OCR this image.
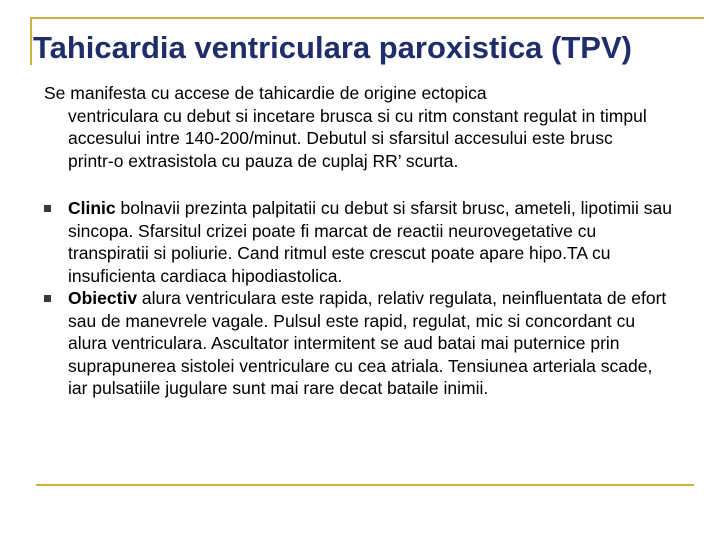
Tahicardia ventriculara paroxistica (TPV)
Se manifesta cu accese de tahicardie de origine ectopica
ventriculara cu debut si incetare brusca si cu ritm constant regulat in timpul accesului intre 140-200/minut. Debutul si sfarsitul accesului este brusc printr-o extrasistola cu pauza de cuplaj RR’ scurta.
Clinic bolnavii prezinta palpitatii cu debut si sfarsit brusc, ameteli, lipotimii sau sincopa. Sfarsitul crizei poate fi marcat de reactii neurovegetative cu transpiratii si poliurie. Cand ritmul este crescut poate apare hipo.TA cu insuficienta cardiaca hipodiastolica.
Obiectiv alura ventriculara este rapida, relativ regulata, neinfluentata de efort sau de manevrele vagale. Pulsul este rapid, regulat, mic si concordant cu alura ventriculara. Ascultator intermitent se aud batai mai puternice prin suprapunerea sistolei ventriculare cu cea atriala. Tensiunea arteriala scade, iar pulsatiile jugulare sunt mai rare decat bataile inimii.
